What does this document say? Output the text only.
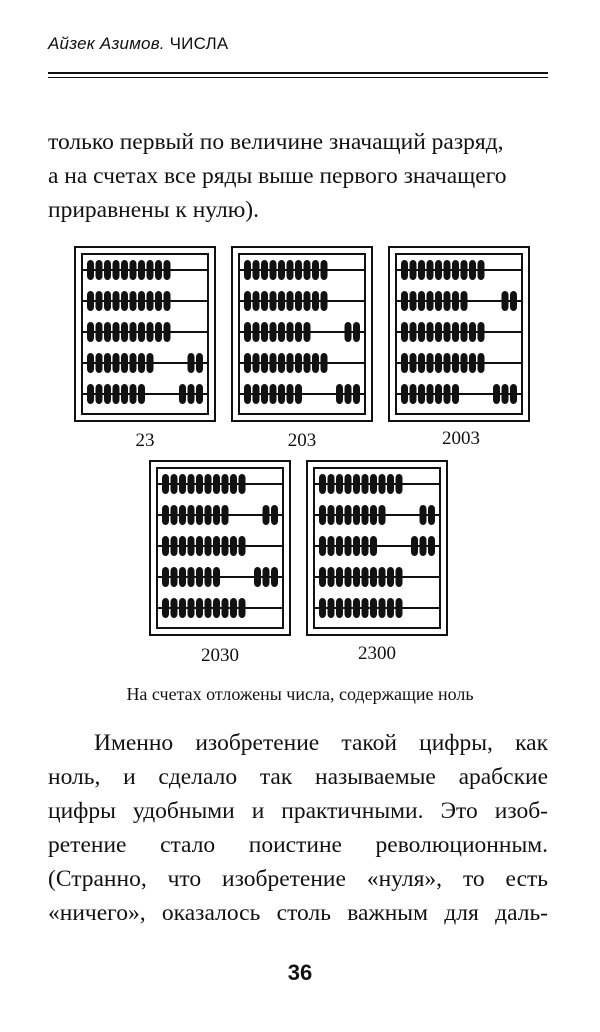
Айзек Азимов. ЧИСЛА

только первый по величине значащий разряд,
а на счетах все ряды выше первого значащего
приравнены к нулю).

23	203	2003
2030	2300
На счетах отложены числа, содержащие ноль

Именно изобретение такой цифры, как
ноль, и сделало так называемые арабские
цифры удобными и практичными. Это изоб-
ретение стало поистине революционным.
(Странно, что изобретение «нуля», то есть
«ничего», оказалось столь важным для даль-

36
